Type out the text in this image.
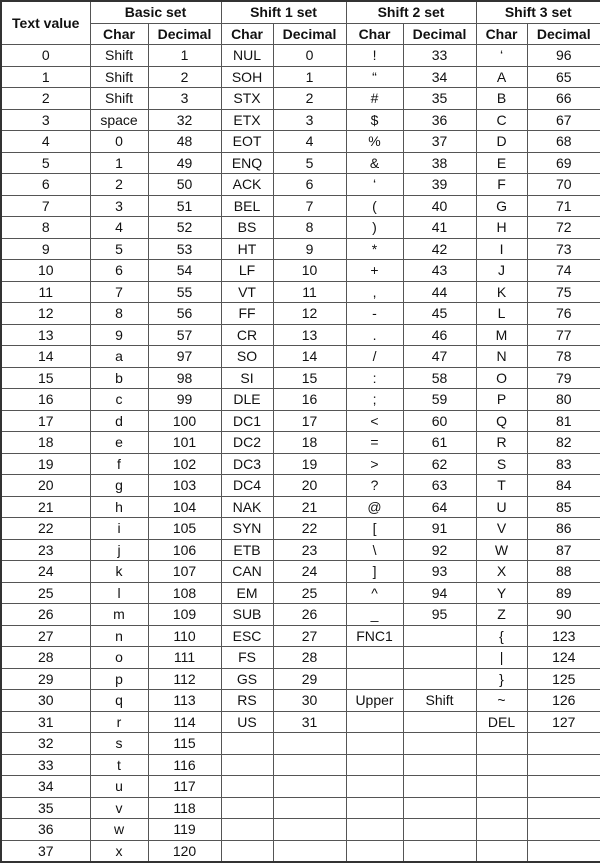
Text value	Basic set		Shift 1 set		Shift 2 set		Shift 3 set	
	Char	Decimal	Char	Decimal	Char	Decimal	Char	Decimal
0	Shift	1	NUL	0	!	33	‘	96
1	Shift	2	SOH	1	“	34	A	65
2	Shift	3	STX	2	#	35	B	66
3	space	32	ETX	3	$	36	C	67
4	0	48	EOT	4	%	37	D	68
5	1	49	ENQ	5	&	38	E	69
6	2	50	ACK	6	‘	39	F	70
7	3	51	BEL	7	(	40	G	71
8	4	52	BS	8	)	41	H	72
9	5	53	HT	9	*	42	I	73
10	6	54	LF	10	+	43	J	74
11	7	55	VT	11	,	44	K	75
12	8	56	FF	12	-	45	L	76
13	9	57	CR	13	.	46	M	77
14	a	97	SO	14	/	47	N	78
15	b	98	SI	15	:	58	O	79
16	c	99	DLE	16	;	59	P	80
17	d	100	DC1	17	<	60	Q	81
18	e	101	DC2	18	=	61	R	82
19	f	102	DC3	19	>	62	S	83
20	g	103	DC4	20	?	63	T	84
21	h	104	NAK	21	@	64	U	85
22	i	105	SYN	22	[	91	V	86
23	j	106	ETB	23	\	92	W	87
24	k	107	CAN	24	]	93	X	88
25	l	108	EM	25	^	94	Y	89
26	m	109	SUB	26	_	95	Z	90
27	n	110	ESC	27	FNC1		{	123
28	o	111	FS	28			|	124
29	p	112	GS	29			}	125
30	q	113	RS	30	Upper	Shift	~	126
31	r	114	US	31			DEL	127
32	s	115						
33	t	116						
34	u	117						
35	v	118						
36	w	119						
37	x	120						
